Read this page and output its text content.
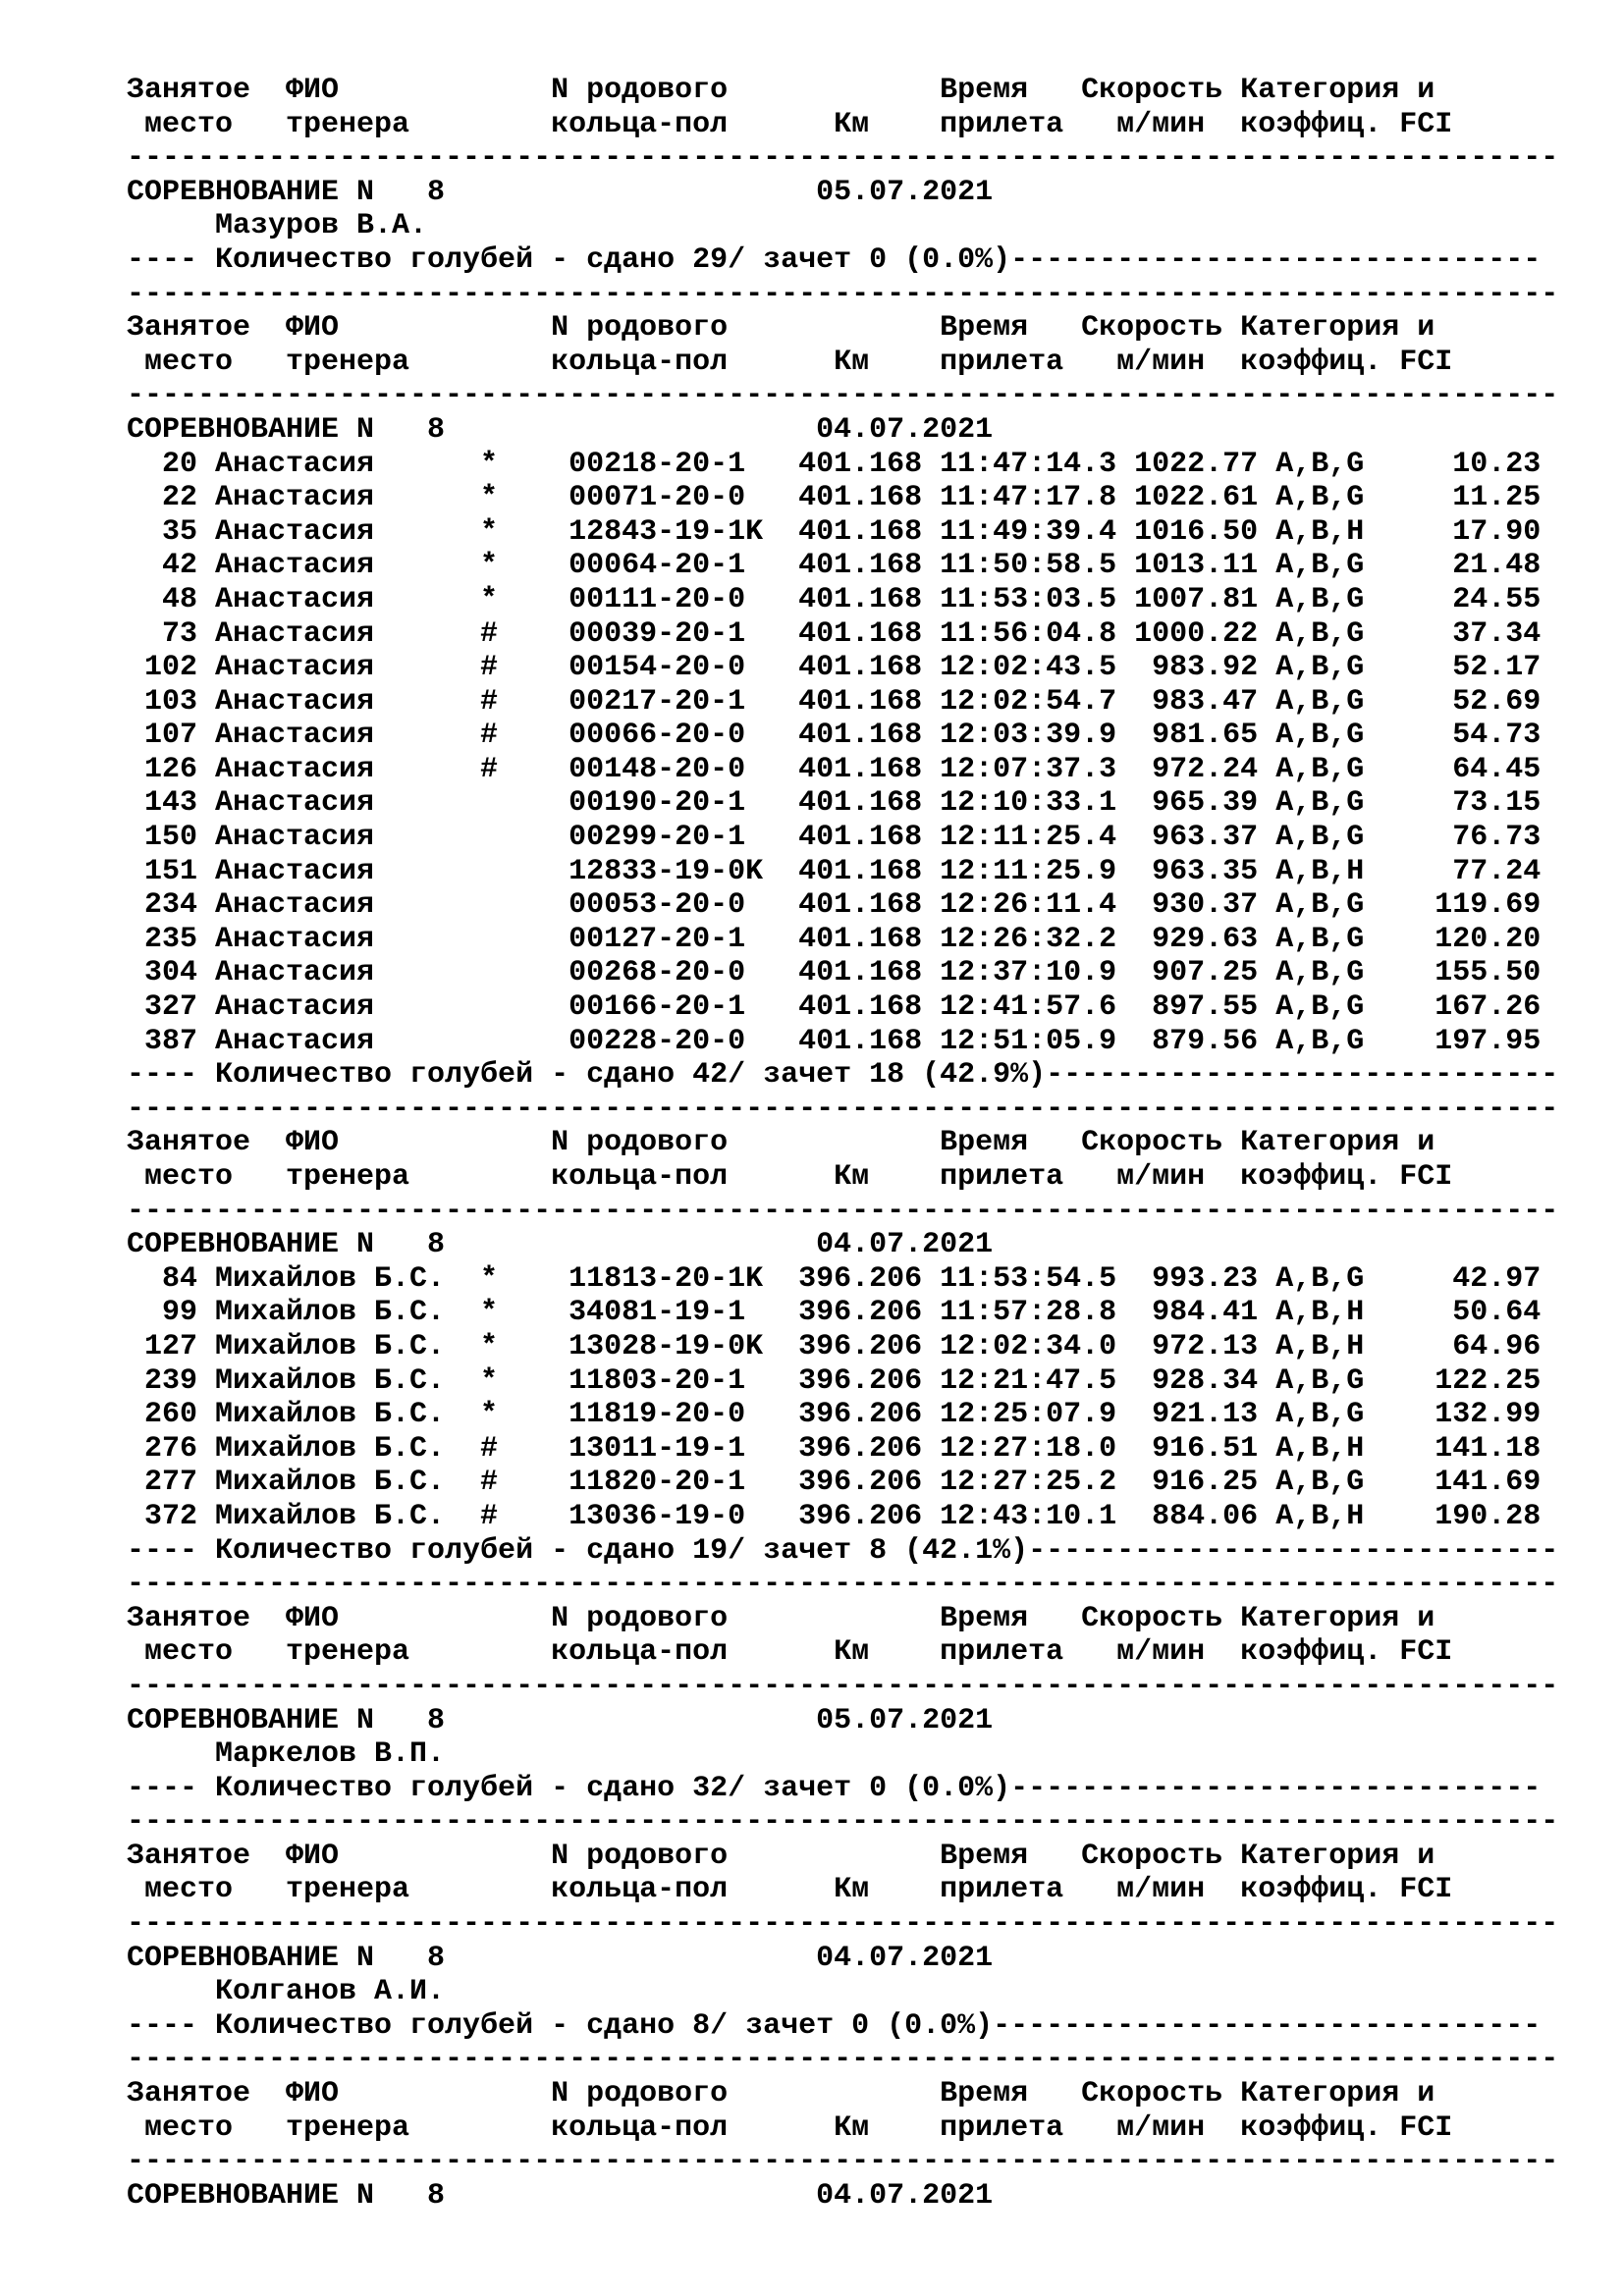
Занятое  ФИО            N родового            Время   Скорость Категория и
место   тренера        кольца-пол      Км    прилета   м/мин  коэффиц. FCI
---------------------------------------------------------------------------------
СОРЕВНОВАНИЕ N   8                     05.07.2021
Мазуров В.А.
---- Количество голубей - сдано 29/ зачет 0 (0.0%)------------------------------
---------------------------------------------------------------------------------
Занятое  ФИО            N родового            Время   Скорость Категория и
место   тренера        кольца-пол      Км    прилета   м/мин  коэффиц. FCI
---------------------------------------------------------------------------------
СОРЕВНОВАНИЕ N   8                     04.07.2021
20 Анастасия      *    00218-20-1   401.168 11:47:14.3 1022.77 A,B,G     10.23
22 Анастасия      *    00071-20-0   401.168 11:47:17.8 1022.61 A,B,G     11.25
35 Анастасия      *    12843-19-1K  401.168 11:49:39.4 1016.50 A,B,H     17.90
42 Анастасия      *    00064-20-1   401.168 11:50:58.5 1013.11 A,B,G     21.48
48 Анастасия      *    00111-20-0   401.168 11:53:03.5 1007.81 A,B,G     24.55
73 Анастасия      #    00039-20-1   401.168 11:56:04.8 1000.22 A,B,G     37.34
102 Анастасия      #    00154-20-0   401.168 12:02:43.5  983.92 A,B,G     52.17
103 Анастасия      #    00217-20-1   401.168 12:02:54.7  983.47 A,B,G     52.69
107 Анастасия      #    00066-20-0   401.168 12:03:39.9  981.65 A,B,G     54.73
126 Анастасия      #    00148-20-0   401.168 12:07:37.3  972.24 A,B,G     64.45
143 Анастасия           00190-20-1   401.168 12:10:33.1  965.39 A,B,G     73.15
150 Анастасия           00299-20-1   401.168 12:11:25.4  963.37 A,B,G     76.73
151 Анастасия           12833-19-0K  401.168 12:11:25.9  963.35 A,B,H     77.24
234 Анастасия           00053-20-0   401.168 12:26:11.4  930.37 A,B,G    119.69
235 Анастасия           00127-20-1   401.168 12:26:32.2  929.63 A,B,G    120.20
304 Анастасия           00268-20-0   401.168 12:37:10.9  907.25 A,B,G    155.50
327 Анастасия           00166-20-1   401.168 12:41:57.6  897.55 A,B,G    167.26
387 Анастасия           00228-20-0   401.168 12:51:05.9  879.56 A,B,G    197.95
---- Количество голубей - сдано 42/ зачет 18 (42.9%)-----------------------------
---------------------------------------------------------------------------------
Занятое  ФИО            N родового            Время   Скорость Категория и
место   тренера        кольца-пол      Км    прилета   м/мин  коэффиц. FCI
---------------------------------------------------------------------------------
СОРЕВНОВАНИЕ N   8                     04.07.2021
84 Михайлов Б.С.  *    11813-20-1K  396.206 11:53:54.5  993.23 A,B,G     42.97
99 Михайлов Б.С.  *    34081-19-1   396.206 11:57:28.8  984.41 A,B,H     50.64
127 Михайлов Б.С.  *    13028-19-0K  396.206 12:02:34.0  972.13 A,B,H     64.96
239 Михайлов Б.С.  *    11803-20-1   396.206 12:21:47.5  928.34 A,B,G    122.25
260 Михайлов Б.С.  *    11819-20-0   396.206 12:25:07.9  921.13 A,B,G    132.99
276 Михайлов Б.С.  #    13011-19-1   396.206 12:27:18.0  916.51 A,B,H    141.18
277 Михайлов Б.С.  #    11820-20-1   396.206 12:27:25.2  916.25 A,B,G    141.69
372 Михайлов Б.С.  #    13036-19-0   396.206 12:43:10.1  884.06 A,B,H    190.28
---- Количество голубей - сдано 19/ зачет 8 (42.1%)------------------------------
---------------------------------------------------------------------------------
Занятое  ФИО            N родового            Время   Скорость Категория и
место   тренера        кольца-пол      Км    прилета   м/мин  коэффиц. FCI
---------------------------------------------------------------------------------
СОРЕВНОВАНИЕ N   8                     05.07.2021
Маркелов В.П.
---- Количество голубей - сдано 32/ зачет 0 (0.0%)------------------------------
---------------------------------------------------------------------------------
Занятое  ФИО            N родового            Время   Скорость Категория и
место   тренера        кольца-пол      Км    прилета   м/мин  коэффиц. FCI
---------------------------------------------------------------------------------
СОРЕВНОВАНИЕ N   8                     04.07.2021
Колганов А.И.
---- Количество голубей - сдано 8/ зачет 0 (0.0%)-------------------------------
---------------------------------------------------------------------------------
Занятое  ФИО            N родового            Время   Скорость Категория и
место   тренера        кольца-пол      Км    прилета   м/мин  коэффиц. FCI
---------------------------------------------------------------------------------
СОРЕВНОВАНИЕ N   8                     04.07.2021
